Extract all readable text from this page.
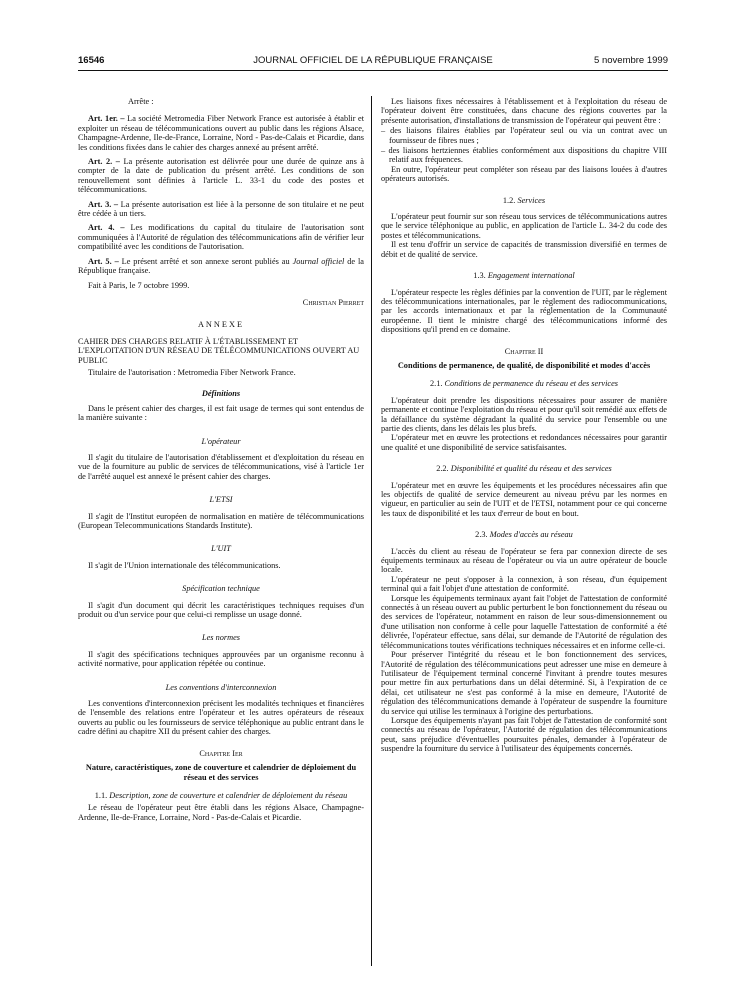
16546	JOURNAL OFFICIEL DE LA RÉPUBLIQUE FRANÇAISE	5 novembre 1999

Arrête :

Art. 1er. – La société Metromedia Fiber Network France est autorisée à établir et exploiter un réseau de télécommunications ouvert au public dans les régions Alsace, Champagne-Ardenne, Ile-de-France, Lorraine, Nord - Pas-de-Calais et Picardie, dans les conditions fixées dans le cahier des charges annexé au présent arrêté.

Art. 2. – La présente autorisation est délivrée pour une durée de quinze ans à compter de la date de publication du présent arrêté. Les conditions de son renouvellement sont définies à l'article L. 33-1 du code des postes et télécommunications.

Art. 3. – La présente autorisation est liée à la personne de son titulaire et ne peut être cédée à un tiers.

Art. 4. – Les modifications du capital du titulaire de l'autorisation sont communiquées à l'Autorité de régulation des télécommunications afin de vérifier leur compatibilité avec les conditions de l'autorisation.

Art. 5. – Le présent arrêté et son annexe seront publiés au Journal officiel de la République française.

Fait à Paris, le 7 octobre 1999.

Christian Pierret

ANNEXE

CAHIER DES CHARGES RELATIF À L'ÉTABLISSEMENT ET L'EXPLOITATION D'UN RÉSEAU DE TÉLÉCOMMUNICATIONS OUVERT AU PUBLIC

Titulaire de l'autorisation : Metromedia Fiber Network France.

Définitions

Dans le présent cahier des charges, il est fait usage de termes qui sont entendus de la manière suivante :

L'opérateur

Il s'agit du titulaire de l'autorisation d'établissement et d'exploitation du réseau en vue de la fourniture au public de services de télécommunications, visé à l'article 1er de l'arrêté auquel est annexé le présent cahier des charges.

L'ETSI

Il s'agit de l'Institut européen de normalisation en matière de télécommunications (European Telecommunications Standards Institute).

L'UIT

Il s'agit de l'Union internationale des télécommunications.

Spécification technique

Il s'agit d'un document qui décrit les caractéristiques techniques requises d'un produit ou d'un service pour que celui-ci remplisse un usage donné.

Les normes

Il s'agit des spécifications techniques approuvées par un organisme reconnu à activité normative, pour application répétée ou continue.

Les conventions d'interconnexion

Les conventions d'interconnexion précisent les modalités techniques et financières de l'ensemble des relations entre l'opérateur et les autres opérateurs de réseaux ouverts au public ou les fournisseurs de service téléphonique au public entrant dans le cadre défini au chapitre XII du présent cahier des charges.

Chapitre Ier

Nature, caractéristiques, zone de couverture et calendrier de déploiement du réseau et des services

1.1. Description, zone de couverture et calendrier de déploiement du réseau

Le réseau de l'opérateur peut être établi dans les régions Alsace, Champagne-Ardenne, Ile-de-France, Lorraine, Nord - Pas-de-Calais et Picardie.

Les liaisons fixes nécessaires à l'établissement et à l'exploitation du réseau de l'opérateur doivent être constituées, dans chacune des régions couvertes par la présente autorisation, d'installations de transmission de l'opérateur qui peuvent être :

– des liaisons filaires établies par l'opérateur seul ou via un contrat avec un fournisseur de fibres nues ;

– des liaisons hertziennes établies conformément aux dispositions du chapitre VIII relatif aux fréquences.

En outre, l'opérateur peut compléter son réseau par des liaisons louées à d'autres opérateurs autorisés.

1.2. Services

L'opérateur peut fournir sur son réseau tous services de télécommunications autres que le service téléphonique au public, en application de l'article L. 34-2 du code des postes et télécommunications.

Il est tenu d'offrir un service de capacités de transmission diversifié en termes de débit et de qualité de service.

1.3. Engagement international

L'opérateur respecte les règles définies par la convention de l'UIT, par le règlement des télécommunications internationales, par le règlement des radiocommunications, par les accords internationaux et par la réglementation de la Communauté européenne. Il tient le ministre chargé des télécommunications informé des dispositions qu'il prend en ce domaine.

Chapitre II

Conditions de permanence, de qualité, de disponibilité et modes d'accès

2.1. Conditions de permanence du réseau et des services

L'opérateur doit prendre les dispositions nécessaires pour assurer de manière permanente et continue l'exploitation du réseau et pour qu'il soit remédié aux effets de la défaillance du système dégradant la qualité du service pour l'ensemble ou une partie des clients, dans les délais les plus brefs.

L'opérateur met en œuvre les protections et redondances nécessaires pour garantir une qualité et une disponibilité de service satisfaisantes.

2.2. Disponibilité et qualité du réseau et des services

L'opérateur met en œuvre les équipements et les procédures nécessaires afin que les objectifs de qualité de service demeurent au niveau prévu par les normes en vigueur, en particulier au sein de l'UIT et de l'ETSI, notamment pour ce qui concerne les taux de disponibilité et les taux d'erreur de bout en bout.

2.3. Modes d'accès au réseau

L'accès du client au réseau de l'opérateur se fera par connexion directe de ses équipements terminaux au réseau de l'opérateur ou via un autre opérateur de boucle locale.

L'opérateur ne peut s'opposer à la connexion, à son réseau, d'un équipement terminal qui a fait l'objet d'une attestation de conformité.

Lorsque les équipements terminaux ayant fait l'objet de l'attestation de conformité connectés à un réseau ouvert au public perturbent le bon fonctionnement du réseau ou des services de l'opérateur, notamment en raison de leur sous-dimensionnement ou d'une utilisation non conforme à celle pour laquelle l'attestation de conformité a été délivrée, l'opérateur effectue, sans délai, sur demande de l'Autorité de régulation des télécommunications toutes vérifications techniques nécessaires et en informe celle-ci.

Pour préserver l'intégrité du réseau et le bon fonctionnement des services, l'Autorité de régulation des télécommunications peut adresser une mise en demeure à l'utilisateur de l'équipement terminal concerné l'invitant à prendre toutes mesures pour mettre fin aux perturbations dans un délai déterminé. Si, à l'expiration de ce délai, cet utilisateur ne s'est pas conformé à la mise en demeure, l'Autorité de régulation des télécommunications demande à l'opérateur de suspendre la fourniture du service qui utilise les terminaux à l'origine des perturbations.

Lorsque des équipements n'ayant pas fait l'objet de l'attestation de conformité sont connectés au réseau de l'opérateur, l'Autorité de régulation des télécommunications peut, sans préjudice d'éventuelles poursuites pénales, demander à l'opérateur de suspendre la fourniture du service à l'utilisateur des équipements concernés.
